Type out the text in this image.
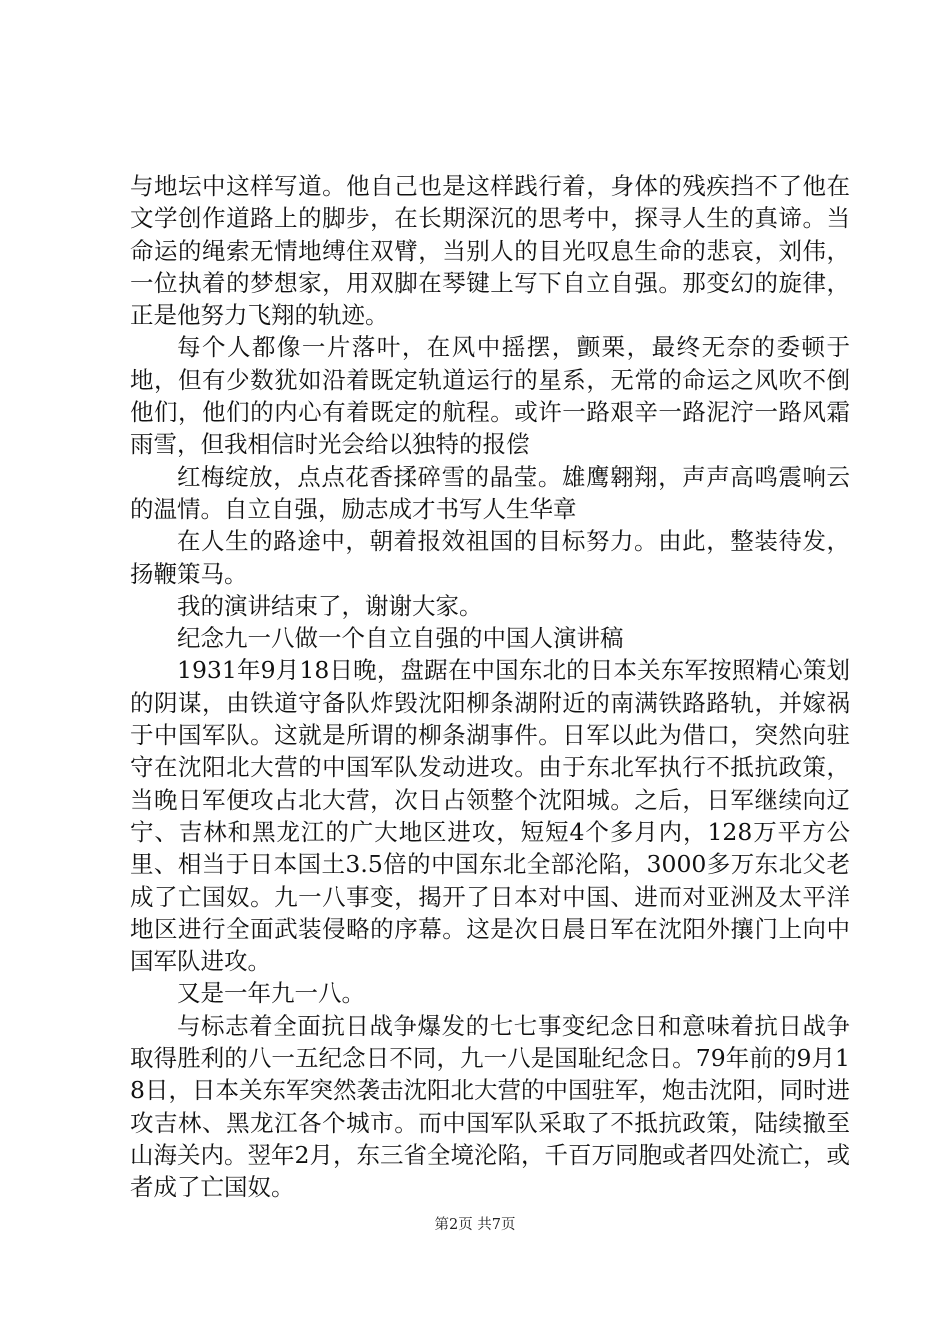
与地坛中这样写道。他自己也是这样践行着，身体的残疾挡不了他在文学创作道路上的脚步，在长期深沉的思考中，探寻人生的真谛。当命运的绳索无情地缚住双臂，当别人的目光叹息生命的悲哀，刘伟，一位执着的梦想家，用双脚在琴键上写下自立自强。那变幻的旋律，正是他努力飞翔的轨迹。

每个人都像一片落叶，在风中摇摆，颤栗，最终无奈的委顿于地，但有少数犹如沿着既定轨道运行的星系，无常的命运之风吹不倒他们，他们的内心有着既定的航程。或许一路艰辛一路泥泞一路风霜雨雪，但我相信时光会给以独特的报偿

红梅绽放，点点花香揉碎雪的晶莹。雄鹰翱翔，声声高鸣震响云的温情。自立自强，励志成才书写人生华章

在人生的路途中，朝着报效祖国的目标努力。由此，整装待发，扬鞭策马。

我的演讲结束了，谢谢大家。

纪念九一八做一个自立自强的中国人演讲稿

1931年9月18日晚，盘踞在中国东北的日本关东军按照精心策划的阴谋，由铁道守备队炸毁沈阳柳条湖附近的南满铁路路轨，并嫁祸于中国军队。这就是所谓的柳条湖事件。日军以此为借口，突然向驻守在沈阳北大营的中国军队发动进攻。由于东北军执行不抵抗政策，当晚日军便攻占北大营，次日占领整个沈阳城。之后，日军继续向辽宁、吉林和黑龙江的广大地区进攻，短短4个多月内，128万平方公里、相当于日本国土3.5倍的中国东北全部沦陷，3000多万东北父老成了亡国奴。九一八事变，揭开了日本对中国、进而对亚洲及太平洋地区进行全面武装侵略的序幕。这是次日晨日军在沈阳外攘门上向中国军队进攻。

又是一年九一八。

与标志着全面抗日战争爆发的七七事变纪念日和意味着抗日战争取得胜利的八一五纪念日不同，九一八是国耻纪念日。79年前的9月18日，日本关东军突然袭击沈阳北大营的中国驻军，炮击沈阳，同时进攻吉林、黑龙江各个城市。而中国军队采取了不抵抗政策，陆续撤至山海关内。翌年2月，东三省全境沦陷，千百万同胞或者四处流亡，或者成了亡国奴。

第2页 共7页
